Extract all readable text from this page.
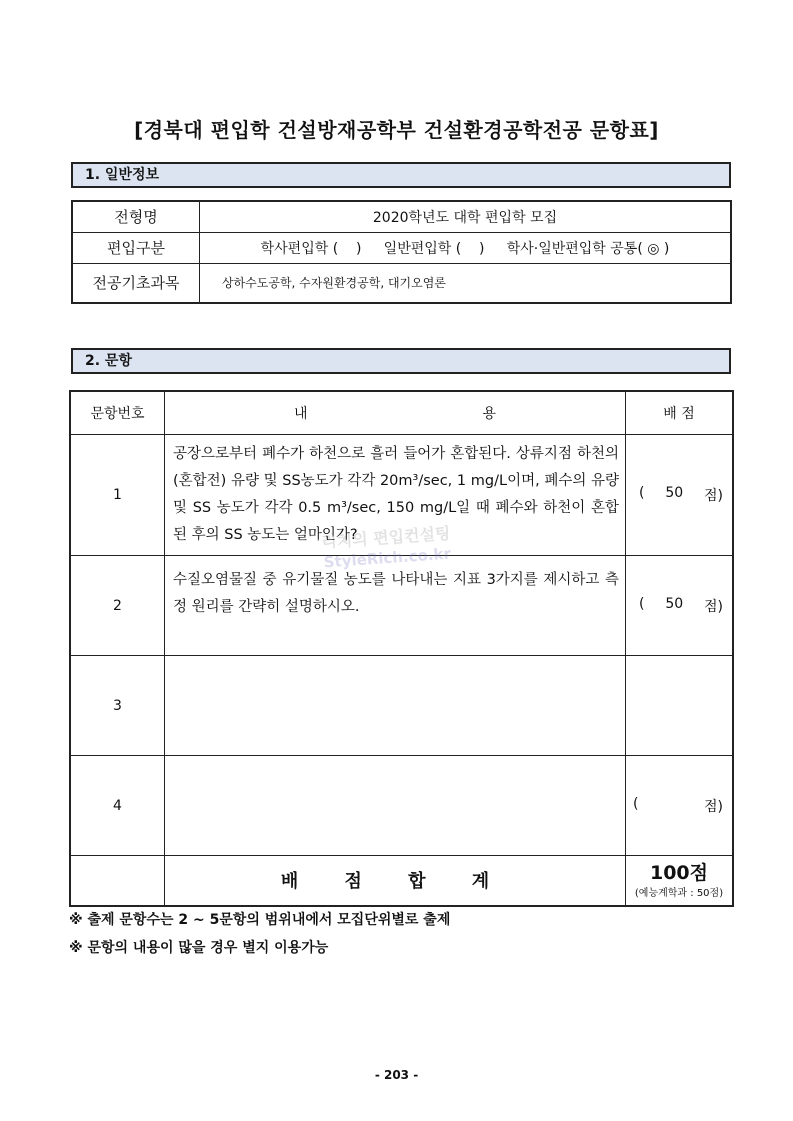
[경북대 편입학 건설방재공학부 건설환경공학전공 문항표]
1. 일반정보
전형명	2020학년도 대학 편입학 모집
편입구분	학사편입학 (    )     일반편입학 (    )     학사·일반편입학 공통( ◎ )
전공기초과목	상하수도공학, 수자원환경공학, 대기오염론
2. 문항
문항번호	내 용	배 점
1	공장으로부터 폐수가 하천으로 흘러 들어가 혼합된다. 상류지점 하천의(혼합전) 유량 및 SS농도가 각각 20m³/sec, 1 mg/L이며, 폐수의 유량 및 SS 농도가 각각 0.5 m³/sec, 150 mg/L일 때 폐수와 하천이 혼합된 후의 SS 농도는 얼마인가?	( 50 점)

2	수질오염물질 중 유기물질 농도를 나타내는 지표 3가지를 제시하고 측정 원리를 간략히 설명하시오.	( 50 점)

3		
4		( 점)

	배 점 합 계	100점
(예능계학과 : 50점)
※ 출제 문항수는 2 ~ 5문항의 범위내에서 모집단위별로 출제
※ 문항의 내용이 많을 경우 별지 이용가능
리치의 편입컨설팅
StyleRich.co.kr
- 203 -
